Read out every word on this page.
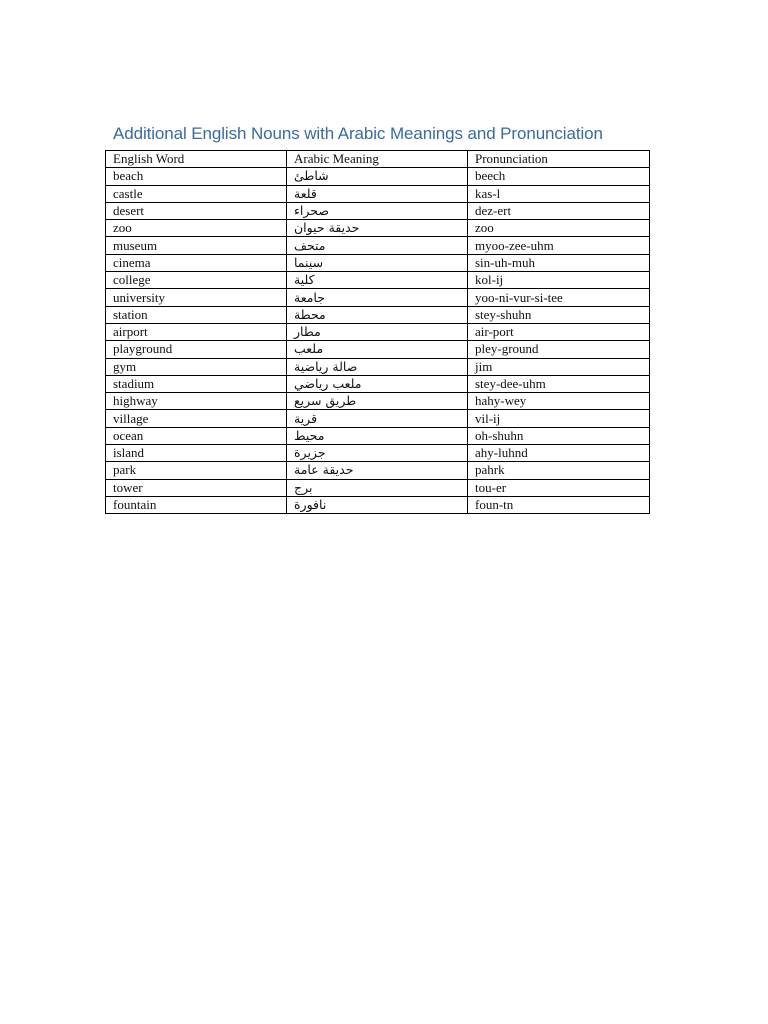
Additional English Nouns with Arabic Meanings and Pronunciation
English Word	Arabic Meaning	Pronunciation
beach	شاطئ	beech
castle	قلعة	kas-l
desert	صحراء	dez-ert
zoo	حديقة حيوان	zoo
museum	متحف	myoo-zee-uhm
cinema	سينما	sin-uh-muh
college	كلية	kol-ij
university	جامعة	yoo-ni-vur-si-tee
station	محطة	stey-shuhn
airport	مطار	air-port
playground	ملعب	pley-ground
gym	صالة رياضية	jim
stadium	ملعب رياضي	stey-dee-uhm
highway	طريق سريع	hahy-wey
village	قرية	vil-ij
ocean	محيط	oh-shuhn
island	جزيرة	ahy-luhnd
park	حديقة عامة	pahrk
tower	برج	tou-er
fountain	نافورة	foun-tn
